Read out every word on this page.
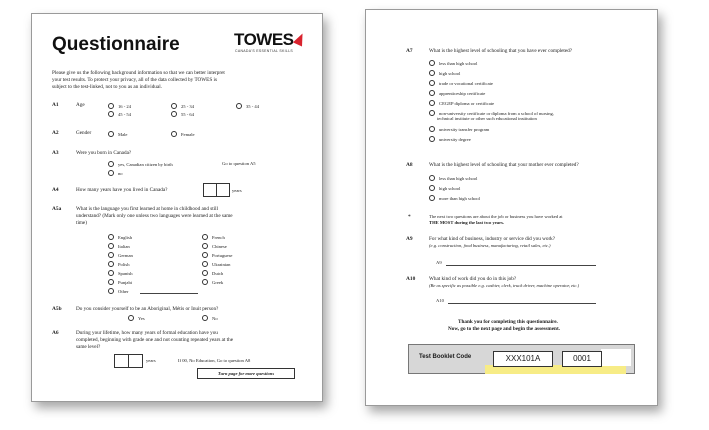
Questionnaire	TOWES
CANADA'S ESSENTIAL SKILLS
Please give us the following background information so that we can better interpret
your test results. To protect your privacy, all of the data collected by TOWES is
subject to the test-linked, not to you as an individual.
A1	Age	16 - 24	25 - 34	35 - 44
45 - 54	55 - 64
A2	Gender	Male	Female
A3	Were you born in Canada?
yes, Canadian citizen by birth	Go to question A5
no
A4	How many years have you lived in Canada?	years
A5a	What is the language you first learned at home in childhood and still
understand? (Mark only one unless two languages were learned at the same
time)
English
Italian
German
Polish
Spanish
Punjabi
Other
French
Chinese
Portuguese
Ukrainian
Dutch
Greek
A5b	Do you consider yourself to be an Aboriginal, Métis or Inuit person?
Yes	No
A6	During your lifetime, how many years of formal education have you
completed, beginning with grade one and not counting repeated years at the
same level?
years	If 00, No Education, Go to question A8
Turn page for more questions
A7	What is the highest level of schooling that you have ever completed?
less than high school
high school
trade or vocational certificate
apprenticeship certificate
CEGEP diploma or certificate
non-university certificate or diploma from a school of nursing,
technical institute or other such educational institution
university transfer program
university degree
A8	What is the highest level of schooling that your mother ever completed?
less than high school
high school
more than high school
*	The next two questions are about the job or business you have worked at
THE MOST during the last two years.
A9	For what kind of business, industry or service did you work?
(e.g. construction, food business, manufacturing, retail sales, etc.)
A9
A10	What kind of work did you do in this job?
(Be as specific as possible e.g. cashier, clerk, truck driver, machine operator, etc.)
A10
Thank you for completing this questionnaire.
Now, go to the next page and begin the assessment.
Test Booklet Code	XXX101A	0001
